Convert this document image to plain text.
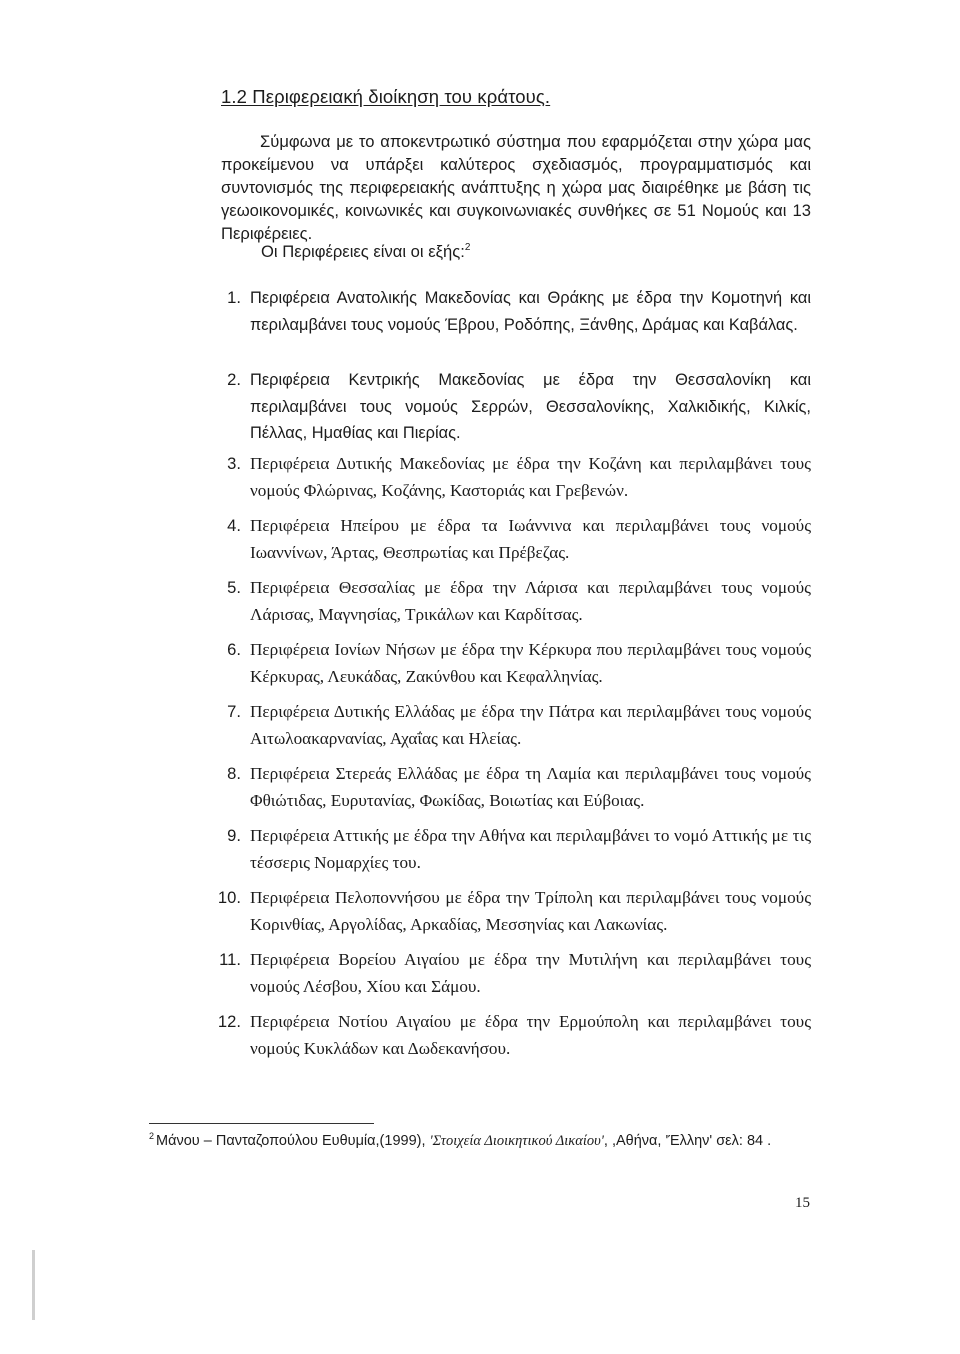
1.2 Περιφερειακή διοίκηση του κράτους.

Σύμφωνα με το αποκεντρωτικό σύστημα που εφαρμόζεται στην χώρα μας προκείμενου να υπάρξει καλύτερος σχεδιασμός, προγραμματισμός και συντονισμός της περιφερειακής ανάπτυξης η χώρα μας διαιρέθηκε με βάση τις γεωοικονομικές, κοινωνικές και συγκοινωνιακές συνθήκες σε 51 Νομούς και 13 Περιφέρειες.

Οι Περιφέρειες είναι οι εξής:$^2$
1. Περιφέρεια Ανατολικής Μακεδονίας και Θράκης με έδρα την Κομοτηνή και περιλαμβάνει τους νομούς Έβρου, Ροδόπης, Ξάνθης, Δράμας και Καβάλας.
2. Περιφέρεια Κεντρικής Μακεδονίας με έδρα την Θεσσαλονίκη και περιλαμβάνει τους νομούς Σερρών, Θεσσαλονίκης, Χαλκιδικής, Κιλκίς, Πέλλας, Ημαθίας και Πιερίας.
3. Περιφέρεια Δυτικής Μακεδονίας με έδρα την Κοζάνη και περιλαμβάνει τους νομούς Φλώρινας, Κοζάνης, Καστοριάς και Γρεβενών.
4. Περιφέρεια Ηπείρου με έδρα τα Ιωάννινα και περιλαμβάνει τους νομούς Ιωαννίνων, Άρτας, Θεσπρωτίας και Πρέβεζας.
5. Περιφέρεια Θεσσαλίας με έδρα την Λάρισα και περιλαμβάνει τους νομούς Λάρισας, Μαγνησίας, Τρικάλων και Καρδίτσας.
6. Περιφέρεια Ιονίων Νήσων με έδρα την Κέρκυρα που περιλαμβάνει τους νομούς Κέρκυρας, Λευκάδας, Ζακύνθου και Κεφαλληνίας.
7. Περιφέρεια Δυτικής Ελλάδας με έδρα την Πάτρα και περιλαμβάνει τους νομούς Αιτωλοακαρνανίας, Αχαΐας και Ηλείας.
8. Περιφέρεια Στερεάς Ελλάδας με έδρα τη Λαμία και περιλαμβάνει τους νομούς Φθιώτιδας, Ευρυτανίας, Φωκίδας, Βοιωτίας και Εύβοιας.
9. Περιφέρεια Αττικής με έδρα την Αθήνα και περιλαμβάνει το νομό Αττικής με τις τέσσερις Νομαρχίες του.
10. Περιφέρεια Πελοποννήσου με έδρα την Τρίπολη και περιλαμβάνει τους νομούς Κορινθίας, Αργολίδας, Αρκαδίας, Μεσσηνίας και Λακωνίας.
11. Περιφέρεια Βορείου Αιγαίου με έδρα την Μυτιλήνη και περιλαμβάνει τους νομούς Λέσβου, Χίου και Σάμου.
12. Περιφέρεια Νοτίου Αιγαίου με έδρα την Ερμούπολη και περιλαμβάνει τους νομούς Κυκλάδων και Δωδεκανήσου.
$^2$ Μάνου – Πανταζοπούλου Ευθυμία,(1999), 'Στοιχεία Διοικητικού Δικαίου', ,Αθήνα, 'Έλλην' σελ: 84 .
15
